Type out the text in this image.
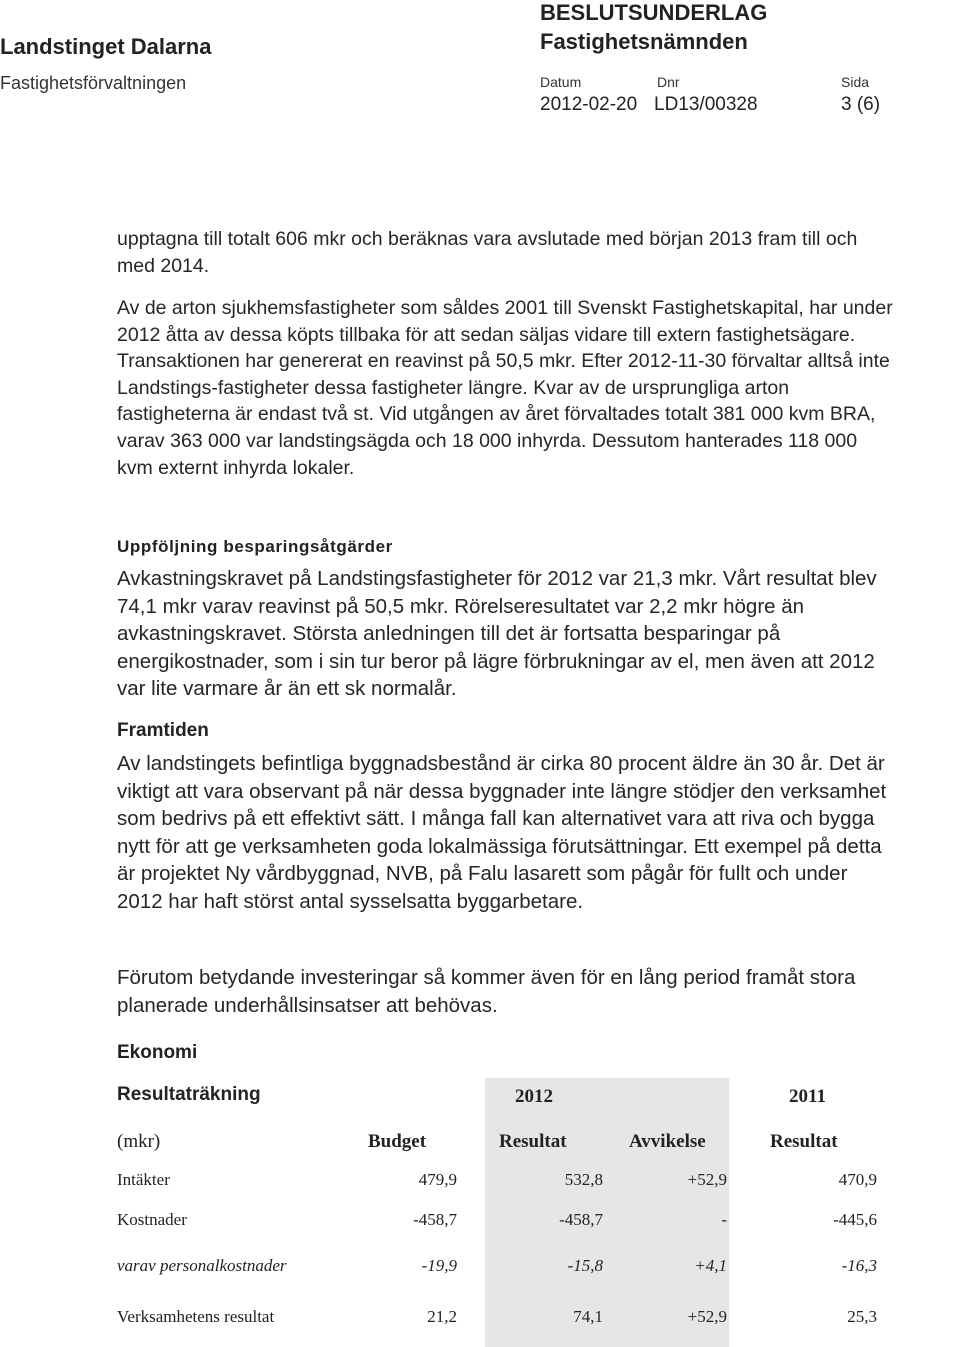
Landstinget Dalarna
Fastighetsförvaltningen
BESLUTSUNDERLAG
Fastighetsnämnden
Datum	Dnr	Sida
2012-02-20 LD13/00328	3 (6)
upptagna till totalt 606 mkr och beräknas vara avslutade med början 2013 fram till och med 2014.
Av de arton sjukhemsfastigheter som såldes 2001 till Svenskt Fastighetskapital, har under 2012 åtta av dessa köpts tillbaka för att sedan säljas vidare till extern fastighetsägare. Transaktionen har genererat en reavinst på 50,5 mkr. Efter 2012-11-30 förvaltar alltså inte Landstings-fastigheter dessa fastigheter längre. Kvar av de ursprungliga arton fastigheterna är endast två st. Vid utgången av året förvaltades totalt 381 000 kvm BRA, varav 363 000 var landstingsägda och 18 000 inhyrda. Dessutom hanterades 118 000 kvm externt inhyrda lokaler.
Uppföljning besparingsåtgärder
Avkastningskravet på Landstingsfastigheter för 2012 var 21,3 mkr. Vårt resultat blev 74,1 mkr varav reavinst på 50,5 mkr. Rörelseresultatet var 2,2 mkr högre än avkastningskravet. Största anledningen till det är fortsatta besparingar på energikostnader, som i sin tur beror på lägre förbrukningar av el, men även att 2012 var lite varmare år än ett sk normalår.
Framtiden
Av landstingets befintliga byggnadsbestånd är cirka 80 procent äldre än 30 år. Det är viktigt att vara observant på när dessa byggnader inte längre stödjer den verksamhet som bedrivs på ett effektivt sätt. I många fall kan alternativet vara att riva och bygga nytt för att ge verksamheten goda lokalmässiga förutsättningar. Ett exempel på detta är projektet Ny vårdbyggnad, NVB, på Falu lasarett som pågår för fullt och under 2012 har haft störst antal sysselsatta byggarbetare.
Förutom betydande investeringar så kommer även för en lång period framåt stora planerade underhållsinsatser att behövas.
Ekonomi
Resultaträkning	2012	2011
(mkr)	Budget	Resultat	Avvikelse	Resultat
Intäkter	479,9	532,8	+52,9	470,9
Kostnader	-458,7	-458,7	-	-445,6
varav personalkostnader	-19,9	-15,8	+4,1	-16,3
Verksamhetens resultat	21,2	74,1	+52,9	25,3
